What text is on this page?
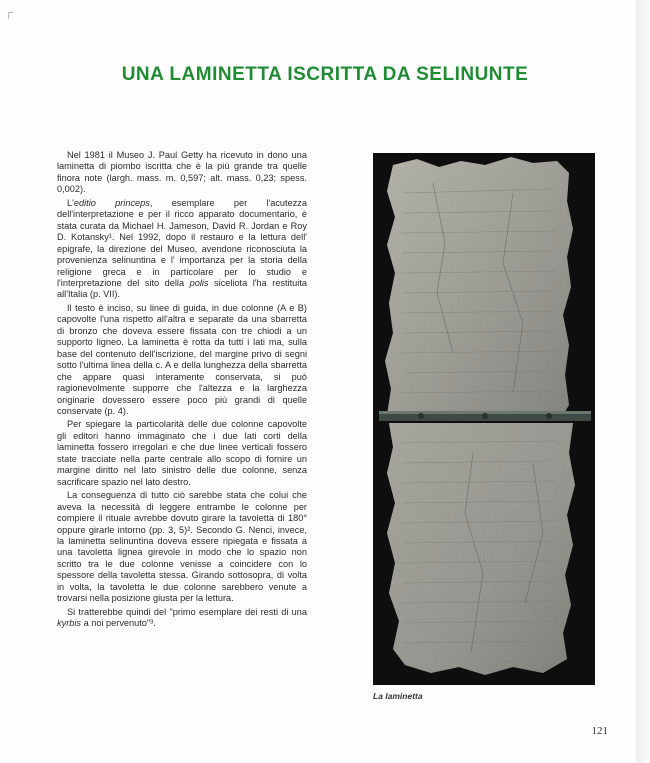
UNA LAMINETTA ISCRITTA DA SELINUNTE

Nel 1981 il Museo J. Paul Getty ha ricevuto in dono una laminetta di piombo iscritta che è la più grande tra quelle finora note (largh. mass. m. 0,597; alt. mass. 0,23; spess. 0,002).

L'editio princeps, esemplare per l'acutezza dell'interpretazione e per il ricco apparato documentario, è stata curata da Michael H. Jameson, David R. Jordan e Roy D. Kotansky¹. Nel 1992, dopo il restauro e la lettura dell' epigrafe, la direzione del Museo, avendone riconosciuta la provenienza selinuntina e l' importanza per la storia della religione greca e in particolare per lo studio e l'interpretazione del sito della polis siceliota l'ha restituita all'Italia (p. VII).

Il testo è inciso, su linee di guida, in due colonne (A e B) capovolte l'una rispetto all'altra e separate da una sbarretta di bronzo che doveva essere fissata con tre chiodi a un supporto ligneo. La laminetta è rotta da tutti i lati ma, sulla base del contenuto dell'iscrizione, del margine privo di segni sotto l'ultima linea della c. A e della lunghezza della sbarretta che appare quasi interamente conservata, si può ragionevolmente supporre che l'altezza e la larghezza originarie dovessero essere poco più grandi di quelle conservate (p. 4).

Per spiegare la particolarità delle due colonne capovolte gli editori hanno immaginato che i due lati corti della laminetta fossero irregolari e che due linee verticali fossero state tracciate nella parte centrale allo scopo di fornire un margine diritto nel lato sinistro delle due colonne, senza sacrificare spazio nel lato destro.

La conseguenza di tutto ciò sarebbe stata che colui che aveva la necessità di leggere entrambe le colonne per compiere il rituale avrebbe dovuto girare la tavoletta di 180° oppure girarle intorno (pp. 3, 5)². Secondo G. Nenci, invece, la laminetta selinuntina doveva essere ripiegata e fissata a una tavoletta lignea girevole in modo che lo spazio non scritto tra le due colonne venisse a coincidere con lo spessore della tavoletta stessa. Girando sottosopra, di volta in volta, la tavoletta le due colonne sarebbero venute a trovarsi nella posizione giusta per la lettura.

Si tratterebbe quindi del "primo esemplare dei resti di una kyrbis a noi pervenuto"³.

La laminetta
121
